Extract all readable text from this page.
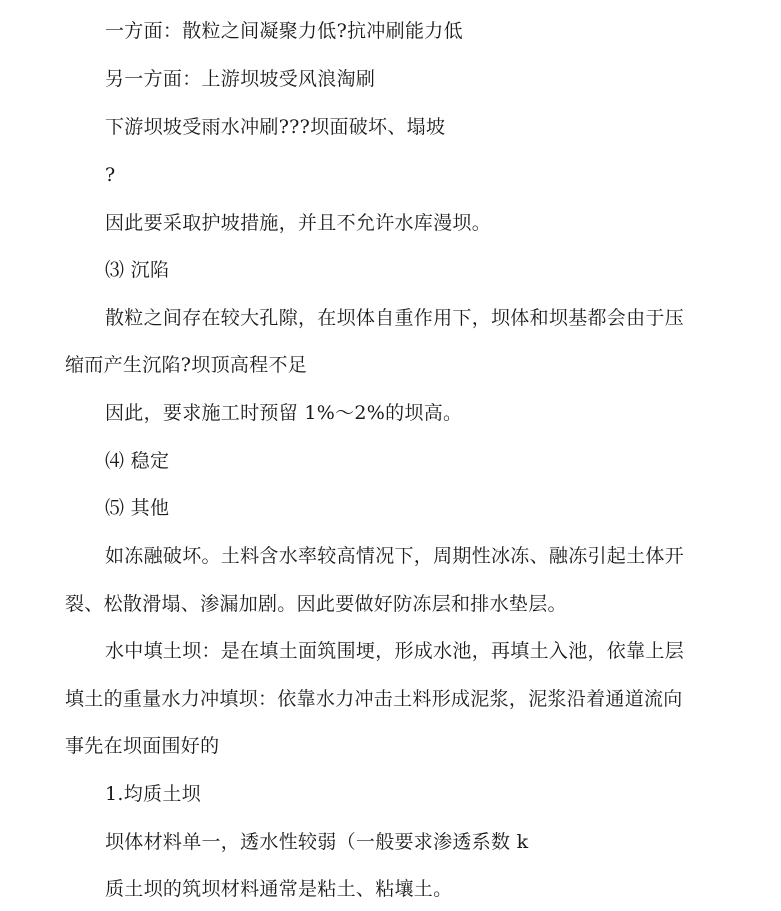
一方面：散粒之间凝聚力低?抗冲刷能力低
另一方面：上游坝坡受风浪淘刷
下游坝坡受雨水冲刷???坝面破坏、塌坡
?
因此要采取护坡措施，并且不允许水库漫坝。
⑶ 沉陷
散粒之间存在较大孔隙，在坝体自重作用下，坝体和坝基都会由于压
缩而产生沉陷?坝顶高程不足
因此，要求施工时预留 1%～2%的坝高。
⑷ 稳定
⑸ 其他
如冻融破坏。土料含水率较高情况下，周期性冰冻、融冻引起土体开
裂、松散滑塌、渗漏加剧。因此要做好防冻层和排水垫层。
水中填土坝：是在填土面筑围埂，形成水池，再填土入池，依靠上层
填土的重量水力冲填坝：依靠水力冲击土料形成泥浆，泥浆沿着通道流向
事先在坝面围好的
1.均质土坝
坝体材料单一，透水性较弱（一般要求渗透系数 k
质土坝的筑坝材料通常是粘土、粘壤土。
